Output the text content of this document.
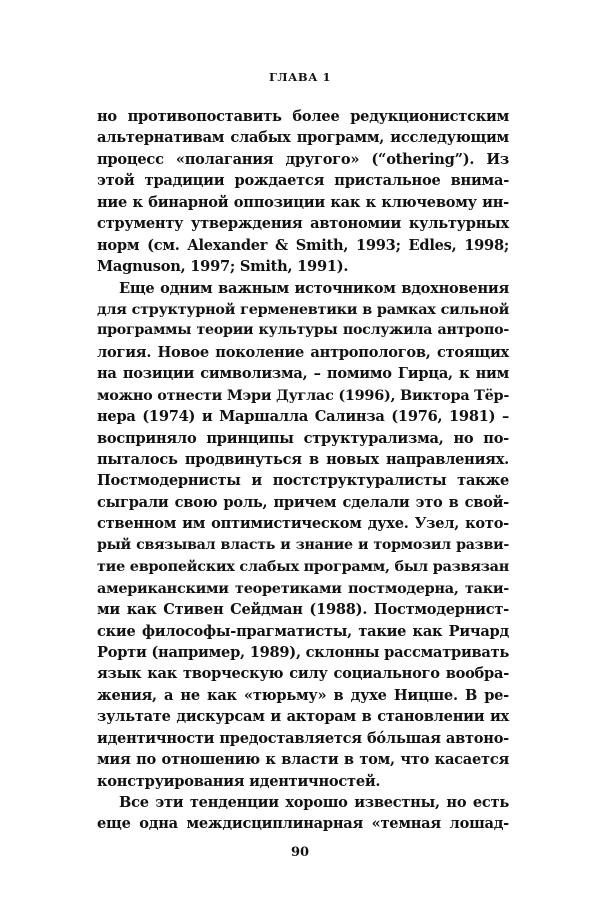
ГЛАВА 1
но противопоставить более редукционистским
альтернативам слабых программ, исследующим
процесс «полагания другого» (“othering”). Из
этой традиции рождается пристальное внима-
ние к бинарной оппозиции как к ключевому ин-
струменту утверждения автономии культурных
норм (см. Alexander & Smith, 1993; Edles, 1998;
Magnuson, 1997; Smith, 1991).
Еще одним важным источником вдохновения
для структурной герменевтики в рамках сильной
программы теории культуры послужила антропо-
логия. Новое поколение антропологов, стоящих
на позиции символизма, – помимо Гирца, к ним
можно отнести Мэри Дуглас (1996), Виктора Тёр-
нера (1974) и Маршалла Салинза (1976, 1981) –
восприняло принципы структурализма, но по-
пыталось продвинуться в новых направлениях.
Постмодернисты и постструктуралисты также
сыграли свою роль, причем сделали это в свой-
ственном им оптимистическом духе. Узел, кото-
рый связывал власть и знание и тормозил разви-
тие европейских слабых программ, был развязан
американскими теоретиками постмодерна, таки-
ми как Стивен Сейдман (1988). Постмодернист-
ские философы-прагматисты, такие как Ричард
Рорти (например, 1989), склонны рассматривать
язык как творческую силу социального вообра-
жения, а не как «тюрьму» в духе Ницше. В ре-
зультате дискурсам и акторам в становлении их
идентичности предоставляется бóльшая автоно-
мия по отношению к власти в том, что касается
конструирования идентичностей.
Все эти тенденции хорошо известны, но есть
еще одна междисциплинарная «темная лошад-
90
